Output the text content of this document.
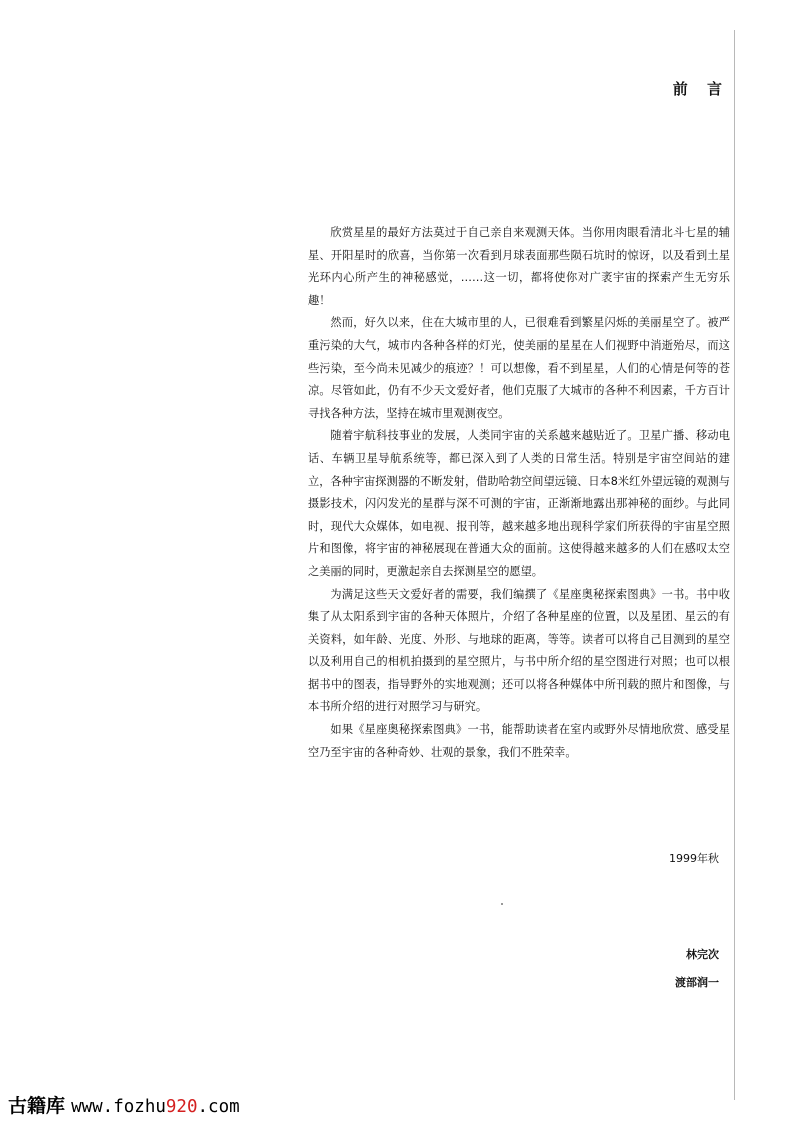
前 言

欣赏星星的最好方法莫过于自己亲自来观测天体。当你用肉眼看清北斗七星的辅星、开阳星时的欣喜，当你第一次看到月球表面那些陨石坑时的惊讶，以及看到土星光环内心所产生的神秘感觉，……这一切，都将使你对广袤宇宙的探索产生无穷乐趣！

然而，好久以来，住在大城市里的人，已很难看到繁星闪烁的美丽星空了。被严重污染的大气，城市内各种各样的灯光，使美丽的星星在人们视野中消逝殆尽，而这些污染，至今尚未见减少的痕迹？！可以想像，看不到星星，人们的心情是何等的苍凉。尽管如此，仍有不少天文爱好者，他们克服了大城市的各种不利因素，千方百计寻找各种方法，坚持在城市里观测夜空。

随着宇航科技事业的发展，人类同宇宙的关系越来越贴近了。卫星广播、移动电话、车辆卫星导航系统等，都已深入到了人类的日常生活。特别是宇宙空间站的建立，各种宇宙探测器的不断发射，借助哈勃空间望远镜、日本8米红外望远镜的观测与摄影技术，闪闪发光的星群与深不可测的宇宙，正渐渐地露出那神秘的面纱。与此同时，现代大众媒体，如电视、报刊等，越来越多地出现科学家们所获得的宇宙星空照片和图像，将宇宙的神秘展现在普通大众的面前。这使得越来越多的人们在感叹太空之美丽的同时，更激起亲自去探测星空的愿望。

为满足这些天文爱好者的需要，我们编撰了《星座奥秘探索图典》一书。书中收集了从太阳系到宇宙的各种天体照片，介绍了各种星座的位置，以及星团、星云的有关资料，如年龄、光度、外形、与地球的距离，等等。读者可以将自己目测到的星空以及利用自己的相机拍摄到的星空照片，与书中所介绍的星空图进行对照；也可以根据书中的图表，指导野外的实地观测；还可以将各种媒体中所刊载的照片和图像，与本书所介绍的进行对照学习与研究。

如果《星座奥秘探索图典》一书，能帮助读者在室内或野外尽情地欣赏、感受星空乃至宇宙的各种奇妙、壮观的景象，我们不胜荣幸。

1999年秋
林完次
渡部润一
古籍库 www.fozhu920.com
